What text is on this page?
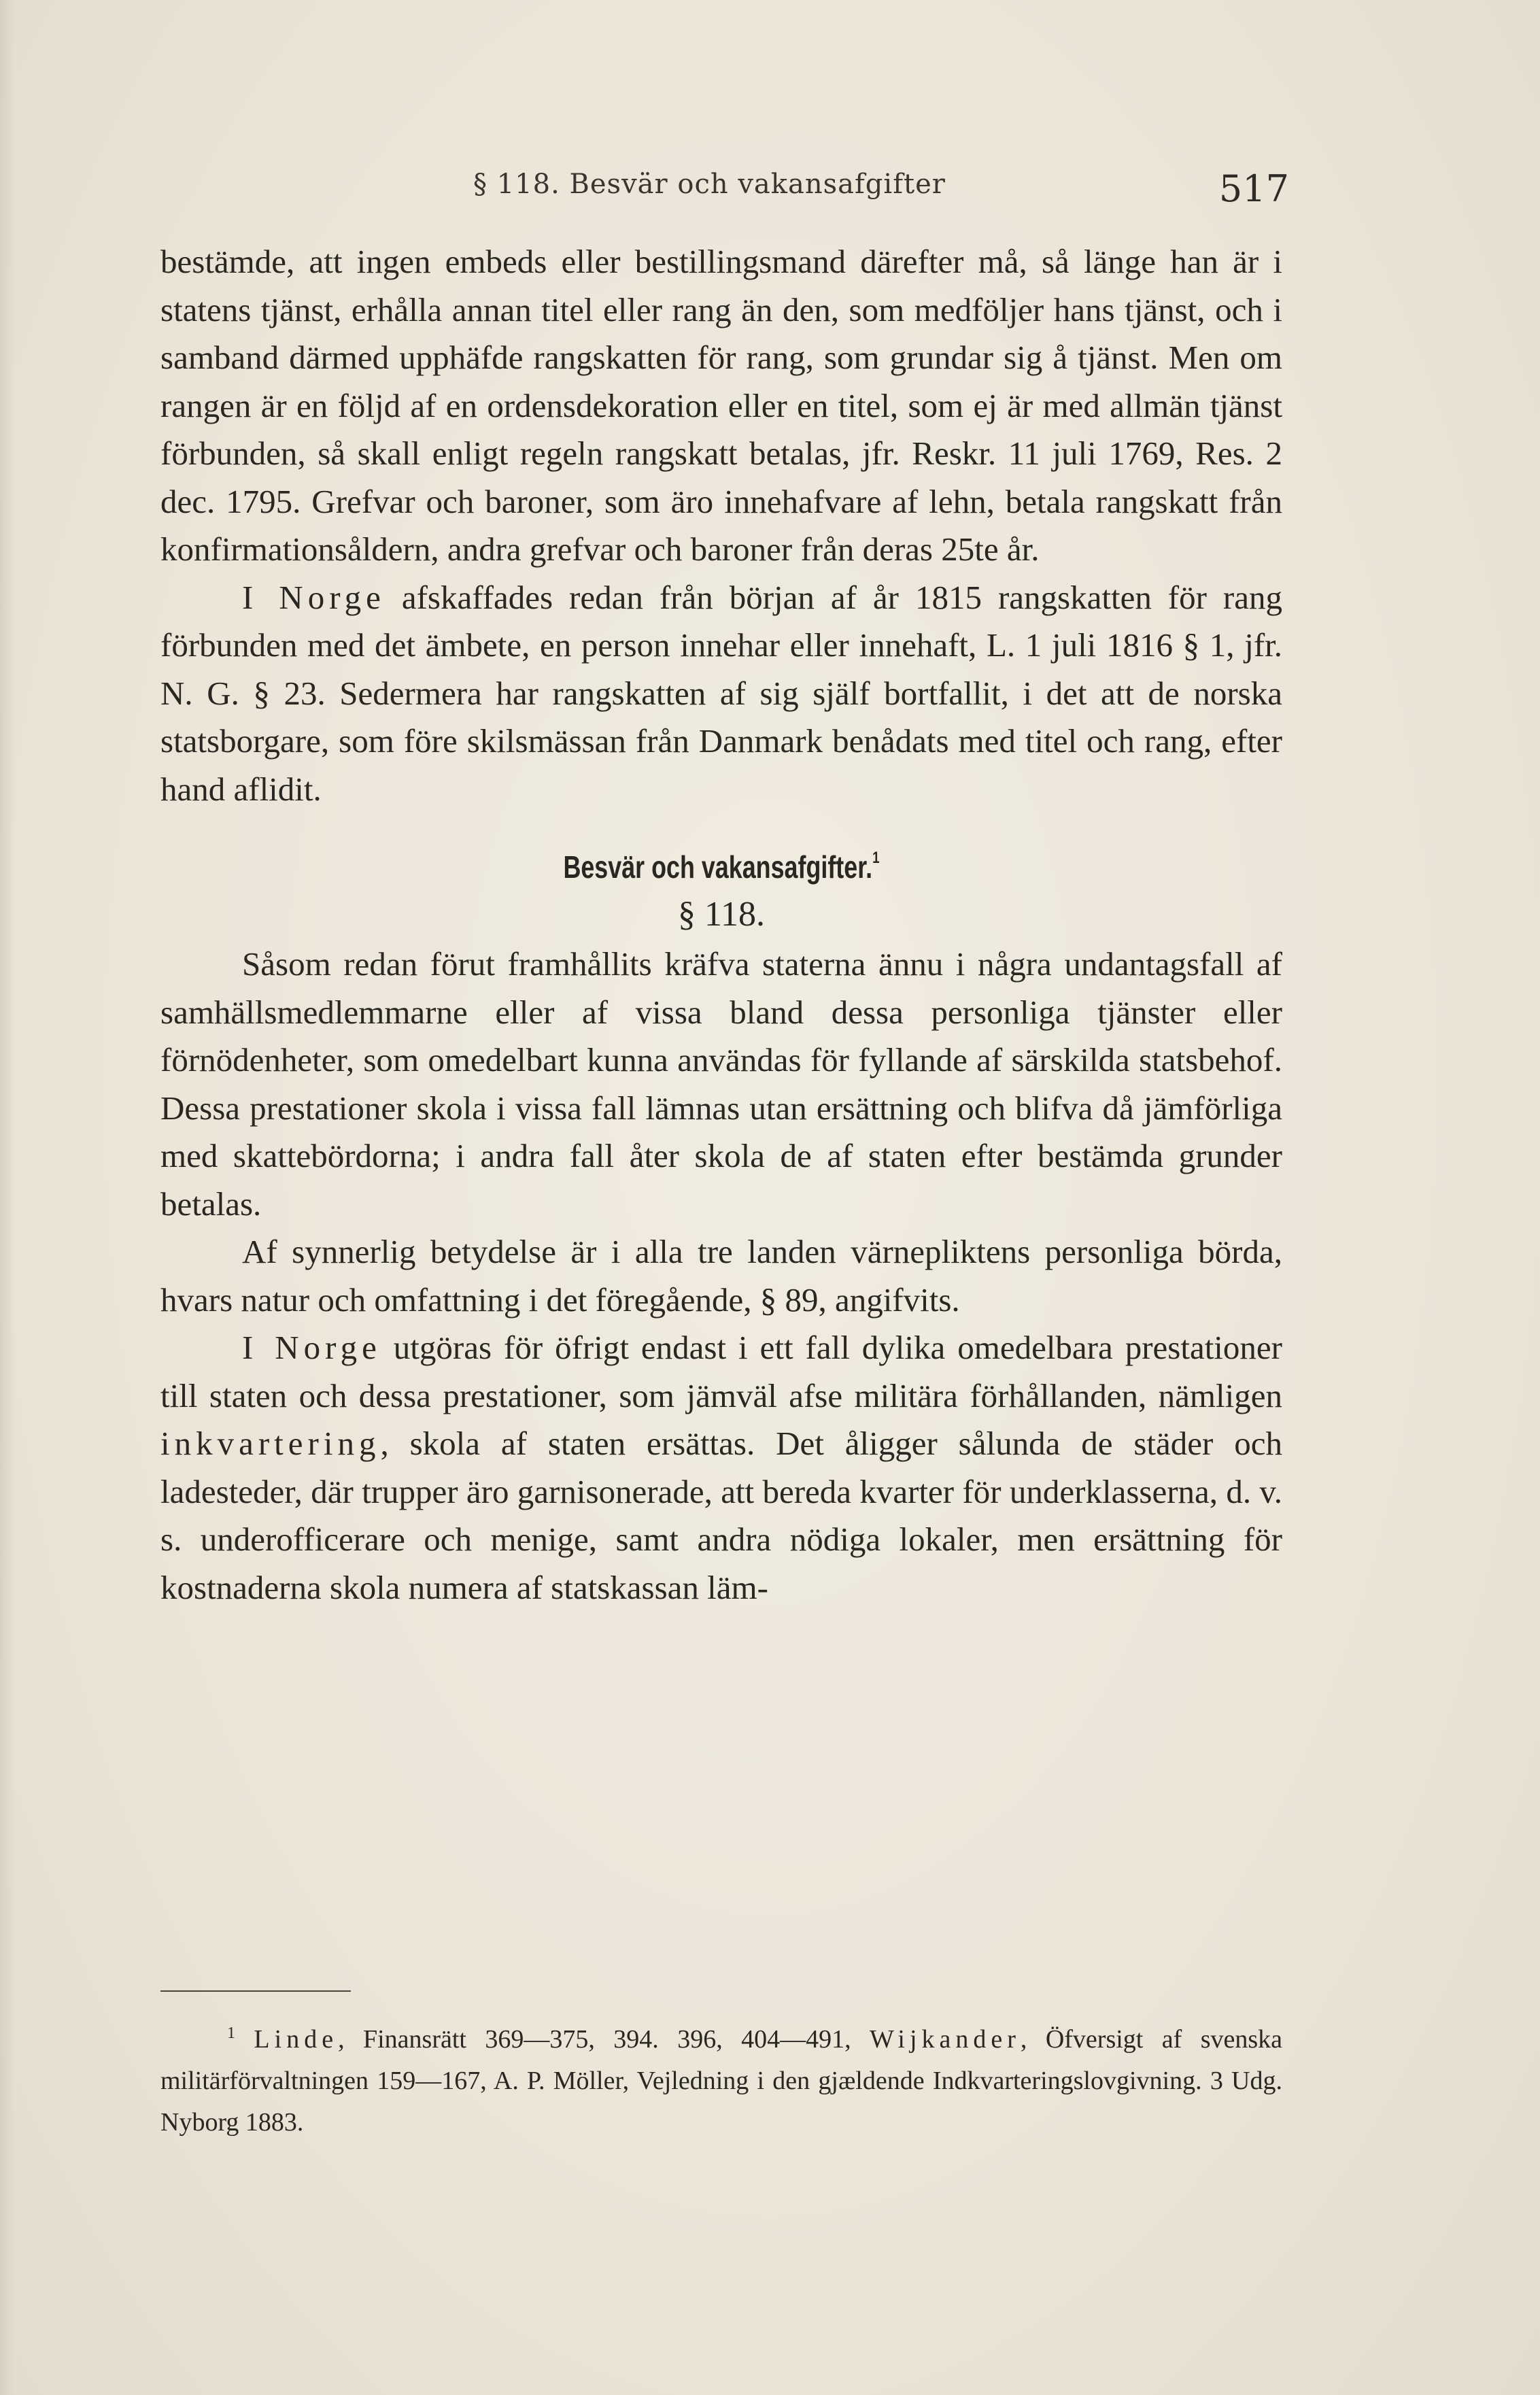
§ 118. Besvär och vakansafgifter	517

bestämde, att ingen embeds eller bestillingsmand därefter må, så länge han är i statens tjänst, erhålla annan titel eller rang än den, som medföljer hans tjänst, och i samband därmed upphäfde rangskatten för rang, som grundar sig å tjänst. Men om rangen är en följd af en ordensdekoration eller en titel, som ej är med allmän tjänst förbunden, så skall enligt regeln rangskatt betalas, jfr. Reskr. 11 juli 1769, Res. 2 dec. 1795. Grefvar och baroner, som äro innehafvare af lehn, betala rangskatt från konfirmationsåldern, andra grefvar och baroner från deras 25te år.

I Norge afskaffades redan från början af år 1815 rangskatten för rang förbunden med det ämbete, en person innehar eller innehaft, L. 1 juli 1816 § 1, jfr. N. G. § 23. Sedermera har rangskatten af sig själf bortfallit, i det att de norska statsborgare, som före skilsmässan från Danmark benådats med titel och rang, efter hand aflidit.

Besvär och vakansafgifter.$^1$
§ 118.

Såsom redan förut framhållits kräfva staterna ännu i några undantagsfall af samhällsmedlemmarne eller af vissa bland dessa personliga tjänster eller förnödenheter, som omedelbart kunna användas för fyllande af särskilda statsbehof. Dessa prestationer skola i vissa fall lämnas utan ersättning och blifva då jämförliga med skattebördorna; i andra fall åter skola de af staten efter bestämda grunder betalas.

Af synnerlig betydelse är i alla tre landen värnepliktens personliga börda, hvars natur och omfattning i det föregående, § 89, angifvits.

I Norge utgöras för öfrigt endast i ett fall dylika omedelbara prestationer till staten och dessa prestationer, som jämväl afse militära förhållanden, nämligen inkvartering, skola af staten ersättas. Det åligger sålunda de städer och ladesteder, där trupper äro garnisonerade, att bereda kvarter för underklasserna, d. v. s. underofficerare och menige, samt andra nödiga lokaler, men ersättning för kostnaderna skola numera af statskassan läm-

$^1$ Linde, Finansrätt 369—375, 394. 396, 404—491, Wijkander, Öfversigt af svenska militärförvaltningen 159—167, A. P. Möller, Vejledning i den gjældende Indkvarteringslovgivning. 3 Udg. Nyborg 1883.
